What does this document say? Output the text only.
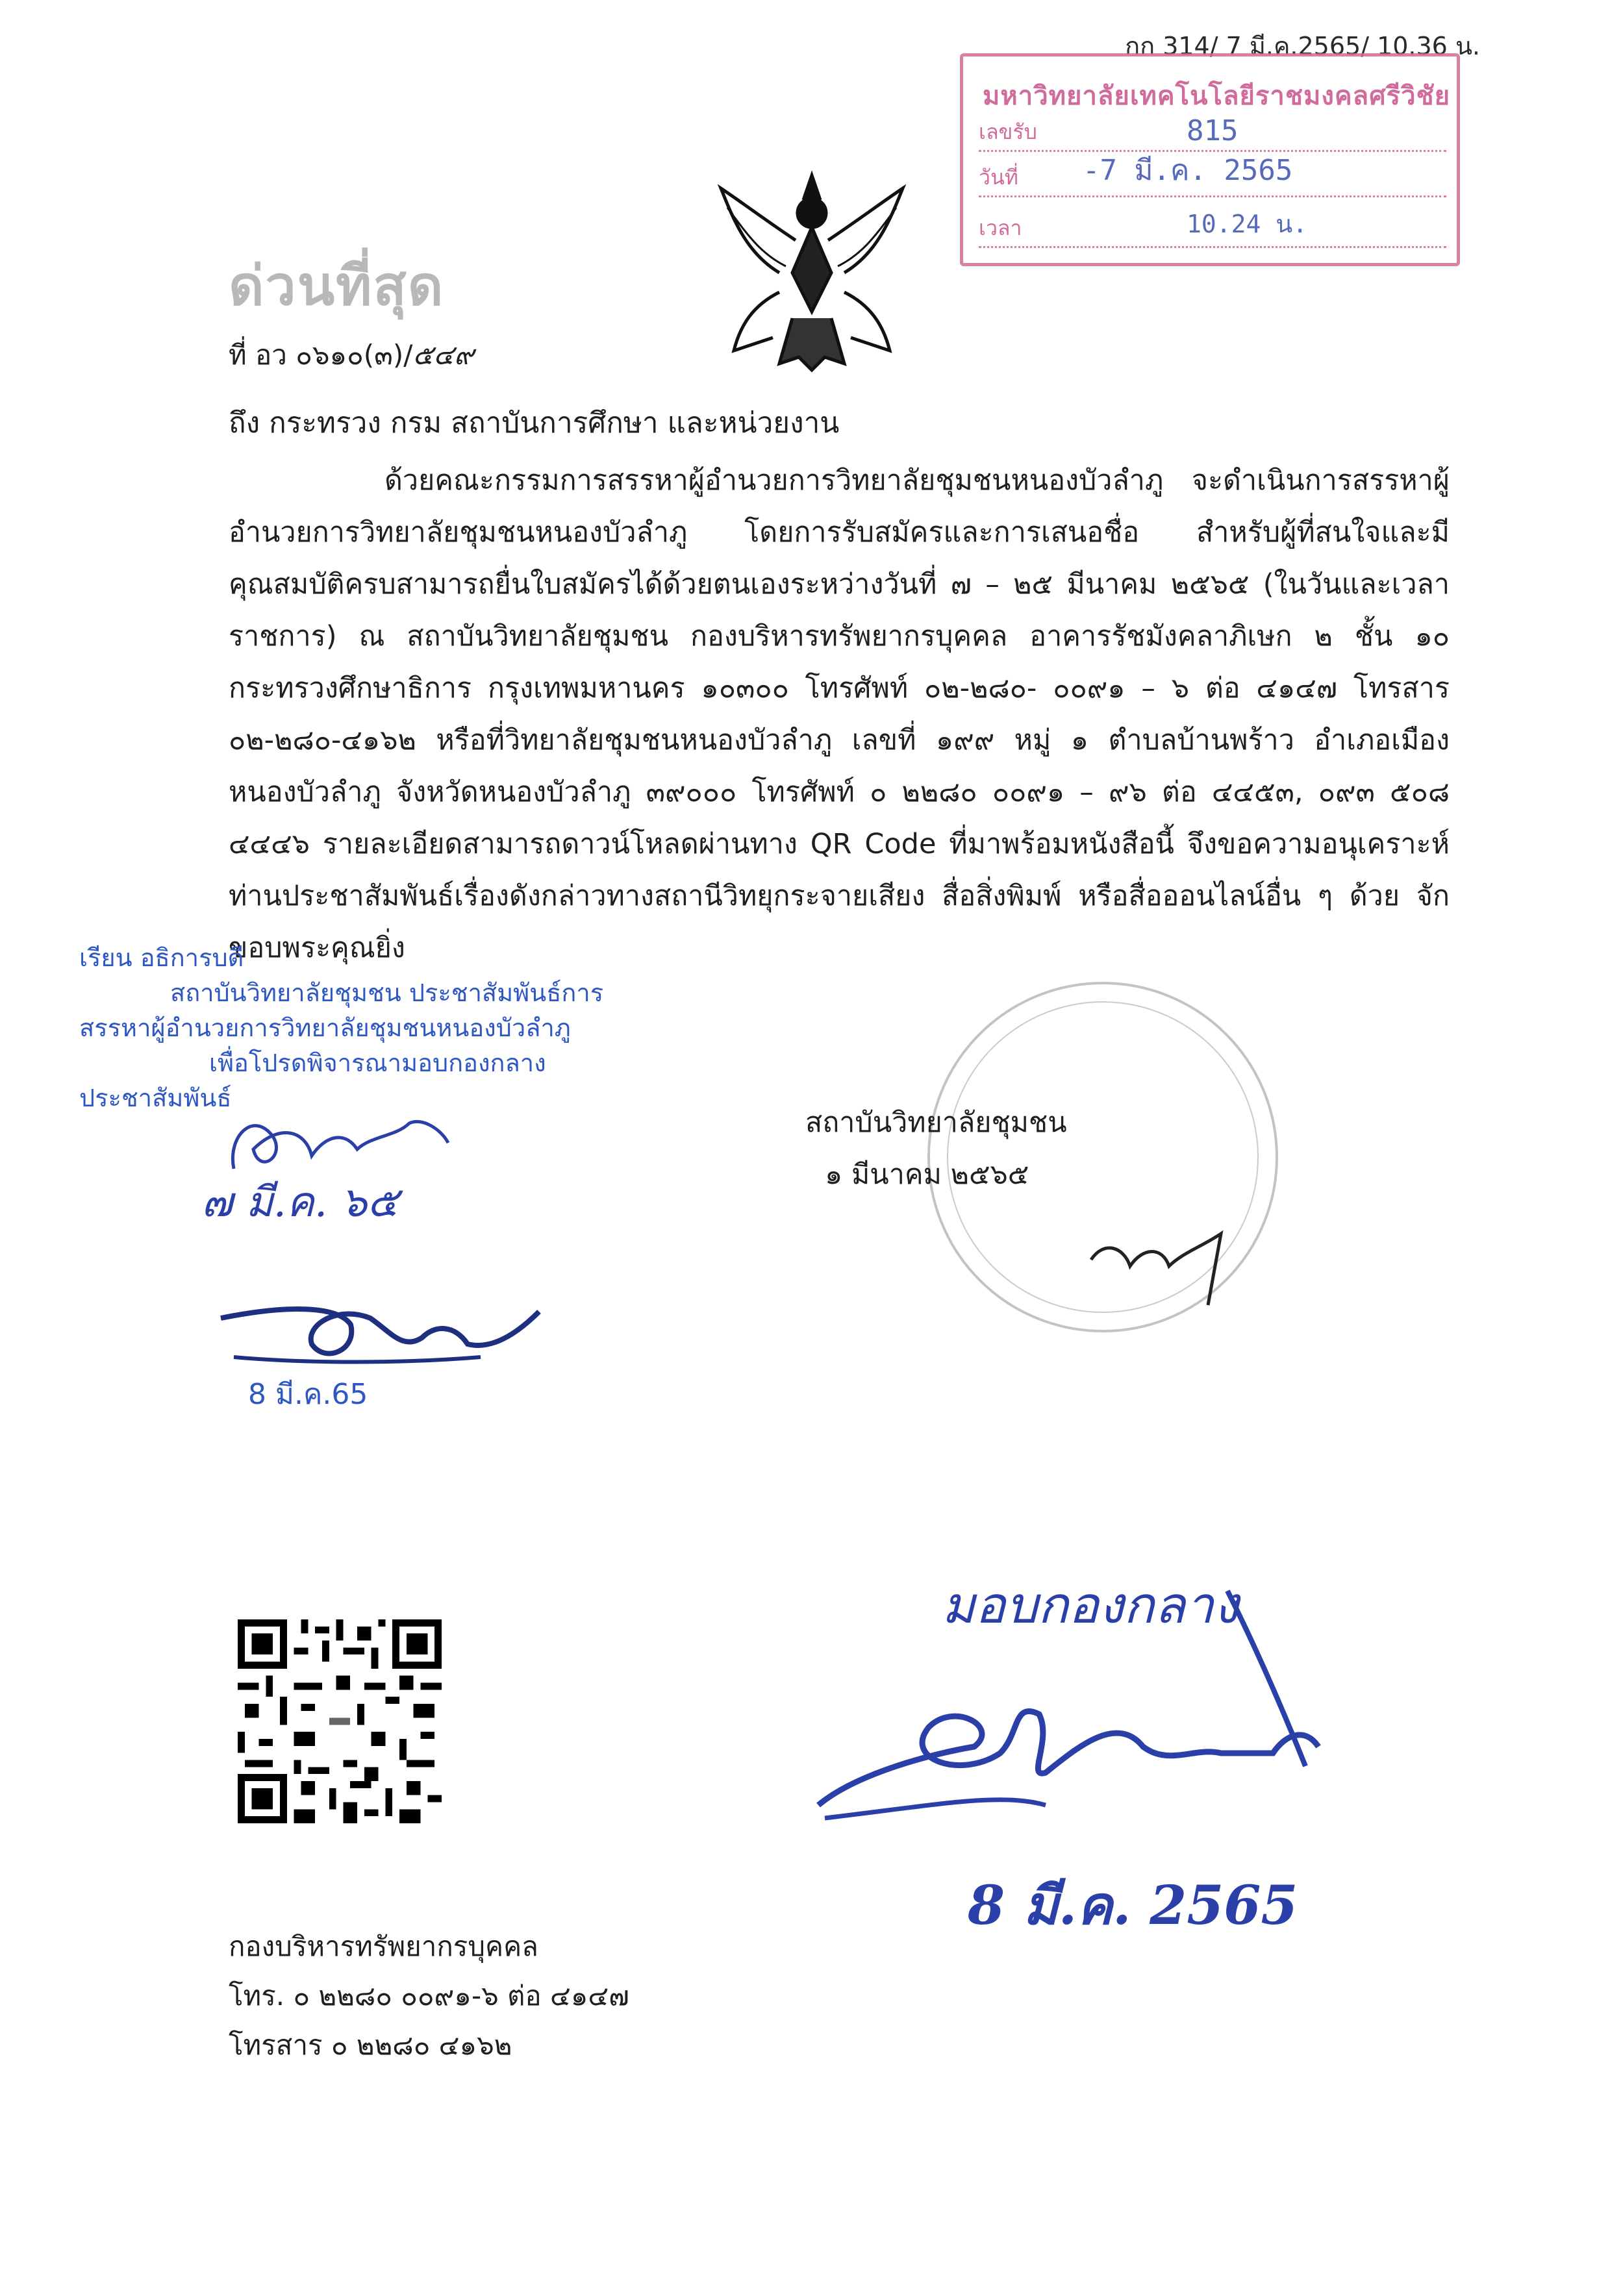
กก 314/ 7 มี.ค.2565/ 10.36 น.
มหาวิทยาลัยเทคโนโลยีราชมงคลศรีวิชัย
เลขรับ	815
วันที่ -7 มี.ค. 2565
เวลา	10.24 น.
ด่วนที่สุด
ที่ อว ๐๖๑๐(๓)/๕๔๙
ถึง กระทรวง กรม สถาบันการศึกษา และหน่วยงาน

ด้วยคณะกรรมการสรรหาผู้อำนวยการวิทยาลัยชุมชนหนองบัวลำภู จะดำเนินการสรรหาผู้อำนวยการวิทยาลัยชุมชนหนองบัวลำภู โดยการรับสมัครและการเสนอชื่อ สำหรับผู้ที่สนใจและมีคุณสมบัติครบสามารถยื่นใบสมัครได้ด้วยตนเองระหว่างวันที่ ๗ – ๒๕ มีนาคม ๒๕๖๕ (ในวันและเวลาราชการ) ณ สถาบันวิทยาลัยชุมชน กองบริหารทรัพยากรบุคคล อาคารรัชมังคลาภิเษก ๒ ชั้น ๑๐ กระทรวงศึกษาธิการ กรุงเทพมหานคร ๑๐๓๐๐ โทรศัพท์ ๐๒-๒๘๐- ๐๐๙๑ – ๖ ต่อ ๔๑๔๗ โทรสาร ๐๒-๒๘๐-๔๑๖๒ หรือที่วิทยาลัยชุมชนหนองบัวลำภู เลขที่ ๑๙๙ หมู่ ๑ ตำบลบ้านพร้าว อำเภอเมืองหนองบัวลำภู จังหวัดหนองบัวลำภู ๓๙๐๐๐ โทรศัพท์ ๐ ๒๒๘๐ ๐๐๙๑ – ๙๖ ต่อ ๔๔๕๓, ๐๙๓ ๕๐๘ ๔๔๔๖ รายละเอียดสามารถดาวน์โหลดผ่านทาง QR Code ที่มาพร้อมหนังสือนี้ จึงขอความอนุเคราะห์ท่านประชาสัมพันธ์เรื่องดังกล่าวทางสถานีวิทยุกระจายเสียง สื่อสิ่งพิมพ์ หรือสื่อออนไลน์อื่น ๆ ด้วย จักขอบพระคุณยิ่ง

เรียน อธิการบดี
สถาบันวิทยาลัยชุมชน ประชาสัมพันธ์การ
สรรหาผู้อำนวยการวิทยาลัยชุมชนหนองบัวลำภู
เพื่อโปรดพิจารณามอบกองกลาง
ประชาสัมพันธ์
๗ มี.ค. ๖๕
8 มี.ค.65
สถาบันวิทยาลัยชุมชน
๑ มีนาคม ๒๕๖๕
มอบกองกลาง
8 มี.ค. 2565
กองบริหารทรัพยากรบุคคล
โทร. ๐ ๒๒๘๐ ๐๐๙๑-๖ ต่อ ๔๑๔๗
โทรสาร ๐ ๒๒๘๐ ๔๑๖๒
